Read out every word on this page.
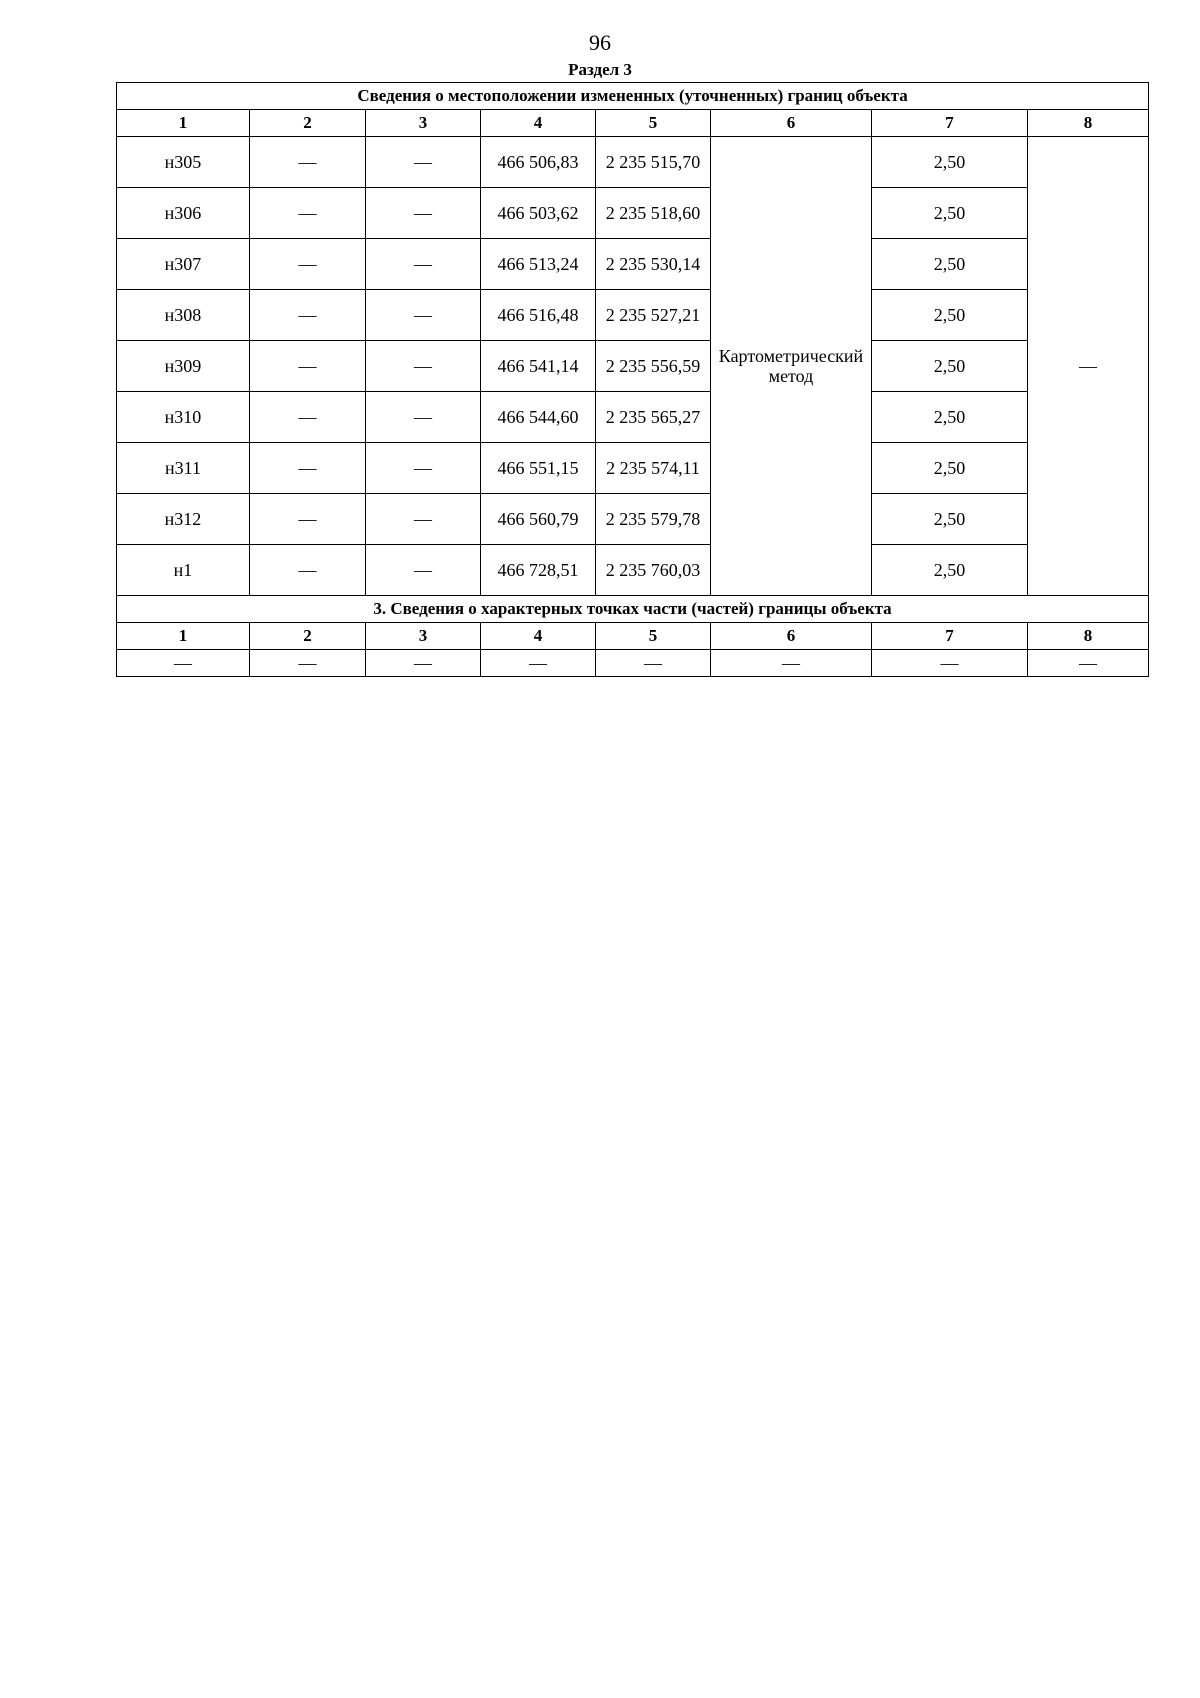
96
Раздел 3
Сведения о местоположении измененных (уточненных) границ объекта							
1	2	3	4	5	6	7	8
н305	—	—	466 506,83	2 235 515,70	Картометрический метод	2,50	—
н306	—	—	466 503,62	2 235 518,60		2,50	
н307	—	—	466 513,24	2 235 530,14		2,50	
н308	—	—	466 516,48	2 235 527,21		2,50	
н309	—	—	466 541,14	2 235 556,59		2,50	
н310	—	—	466 544,60	2 235 565,27		2,50	
н311	—	—	466 551,15	2 235 574,11		2,50	
н312	—	—	466 560,79	2 235 579,78		2,50	
н1	—	—	466 728,51	2 235 760,03		2,50	
3. Сведения о характерных точках части (частей) границы объекта							
1	2	3	4	5	6	7	8
—	—	—	—	—	—	—	—
